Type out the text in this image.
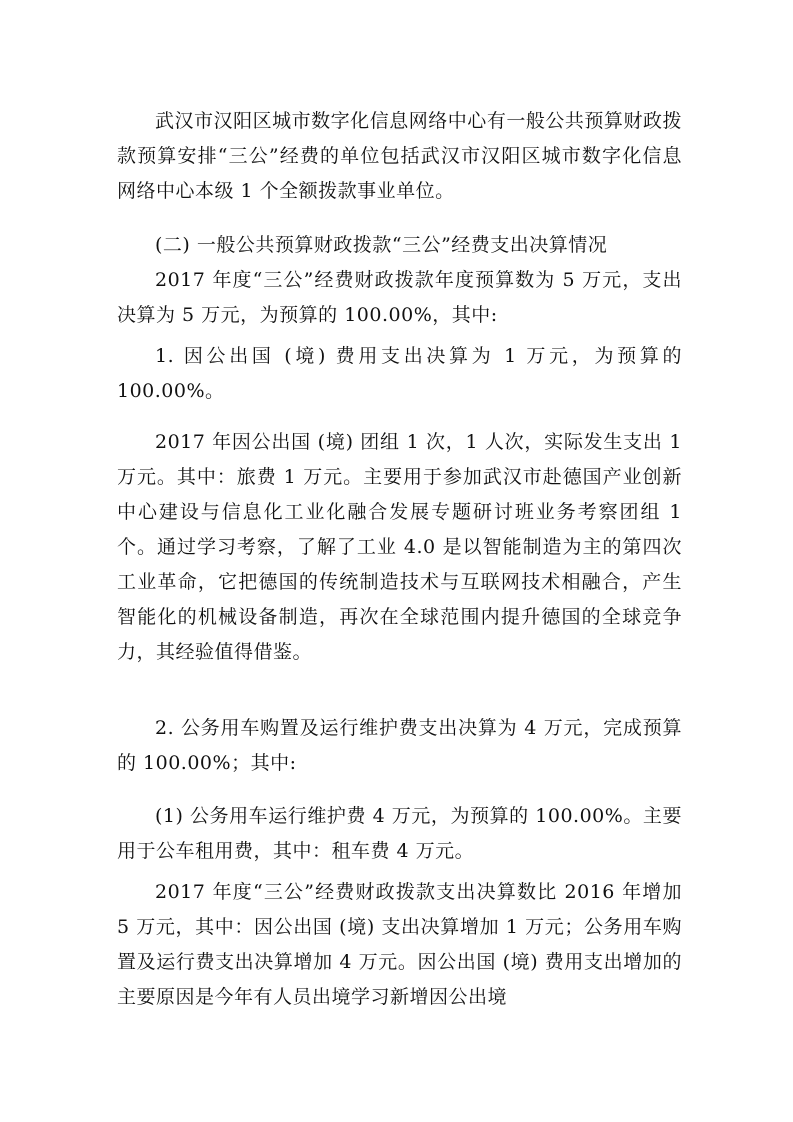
武汉市汉阳区城市数字化信息网络中心有一般公共预算财政拨款预算安排“三公”经费的单位包括武汉市汉阳区城市数字化信息网络中心本级 1 个全额拨款事业单位。

(二) 一般公共预算财政拨款“三公”经费支出决算情况

2017 年度“三公”经费财政拨款年度预算数为 5 万元，支出决算为 5 万元，为预算的 100.00%，其中:

1. 因公出国 (境) 费用支出决算为 1 万元，为预算的 100.00%。

2017 年因公出国 (境) 团组 1 次，1 人次，实际发生支出 1 万元。其中：旅费 1 万元。主要用于参加武汉市赴德国产业创新中心建设与信息化工业化融合发展专题研讨班业务考察团组 1 个。通过学习考察，了解了工业 4.0 是以智能制造为主的第四次工业革命，它把德国的传统制造技术与互联网技术相融合，产生智能化的机械设备制造，再次在全球范围内提升德国的全球竞争力，其经验值得借鉴。

2. 公务用车购置及运行维护费支出决算为 4 万元，完成预算的 100.00%；其中:

(1) 公务用车运行维护费 4 万元，为预算的 100.00%。主要用于公车租用费，其中：租车费 4 万元。

2017 年度“三公”经费财政拨款支出决算数比 2016 年增加 5 万元，其中：因公出国 (境) 支出决算增加 1 万元；公务用车购置及运行费支出决算增加 4 万元。因公出国 (境) 费用支出增加的主要原因是今年有人员出境学习新增因公出境
